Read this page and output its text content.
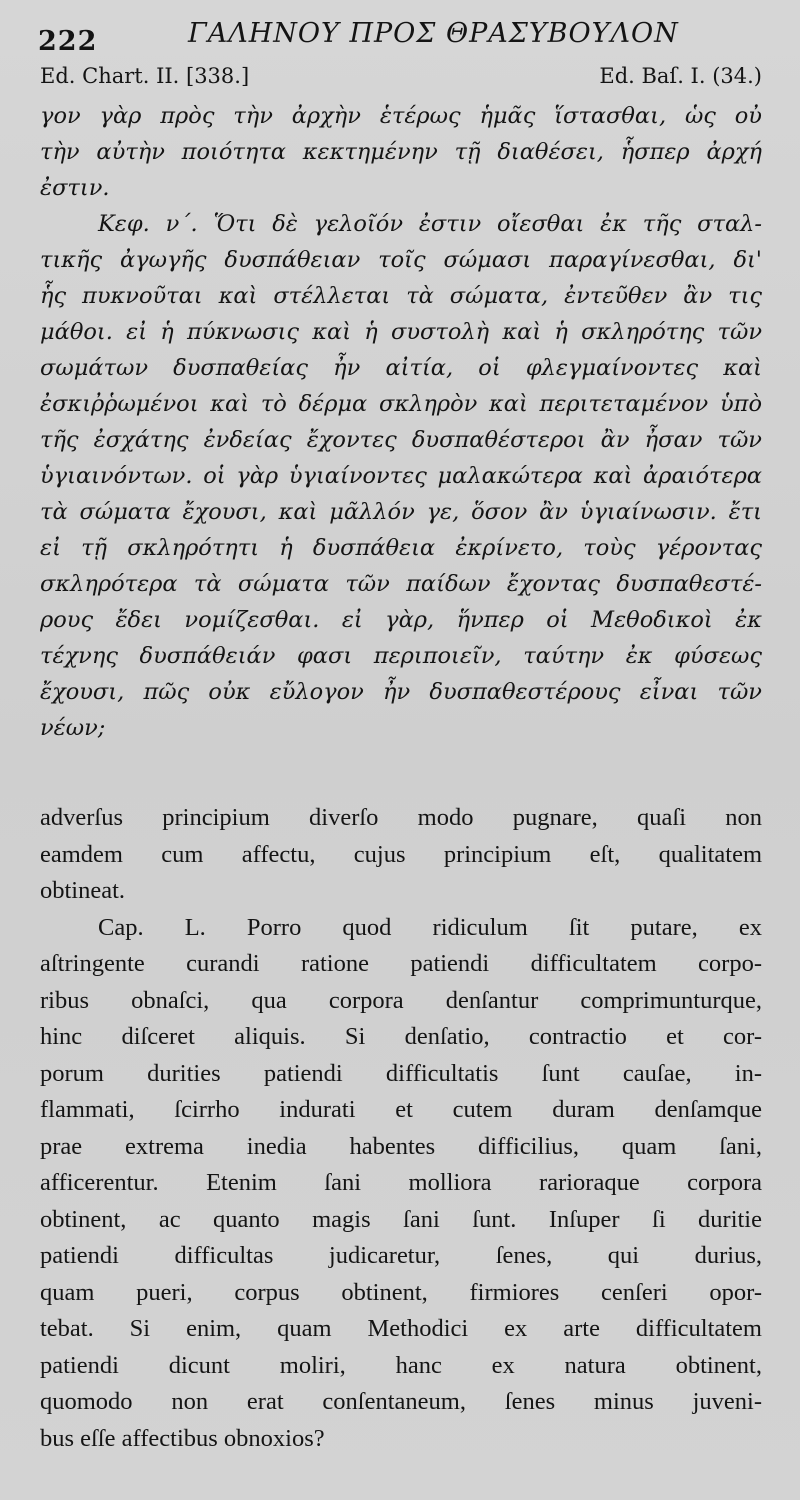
222	ΓΑΛΗΝΟΥ ΠΡΟΣ ΘΡΑΣΥΒΟΥΛΟΝ
Ed. Chart. II. [338.]	Ed. Baſ. I. (34.)
γον γὰρ πρὸς τὴν ἀρχὴν ἑτέρως ἡμᾶς ἵστασθαι, ὡς οὐ
τὴν αὐτὴν ποιότητα κεκτημένην τῇ διαθέσει, ἧσπερ ἀρχή
ἐστιν.
Κεφ. ν΄. Ὅτι δὲ γελοῖόν ἐστιν οἴεσθαι ἐκ τῆς σταλ-
τικῆς ἀγωγῆς δυσπάθειαν τοῖς σώμασι παραγίνεσθαι, δι'
ἧς πυκνοῦται καὶ στέλλεται τὰ σώματα, ἐντεῦθεν ἂν τις
μάθοι. εἰ ἡ πύκνωσις καὶ ἡ συστολὴ καὶ ἡ σκληρότης τῶν
σωμάτων δυσπαθείας ἦν αἰτία, οἱ φλεγμαίνοντες καὶ
ἐσκιῤῥωμένοι καὶ τὸ δέρμα σκληρὸν καὶ περιτεταμένον ὑπὸ
τῆς ἐσχάτης ἐνδείας ἔχοντες δυσπαθέστεροι ἂν ἦσαν τῶν
ὑγιαινόντων. οἱ γὰρ ὑγιαίνοντες μαλακώτερα καὶ ἀραιότερα
τὰ σώματα ἔχουσι, καὶ μᾶλλόν γε, ὅσον ἂν ὑγιαίνωσιν. ἔτι
εἰ τῇ σκληρότητι ἡ δυσπάθεια ἐκρίνετο, τοὺς γέροντας
σκληρότερα τὰ σώματα τῶν παίδων ἔχοντας δυσπαθεστέ-
ρους ἔδει νομίζεσθαι. εἰ γὰρ, ἥνπερ οἱ Μεθοδικοὶ ἐκ
τέχνης δυσπάθειάν φασι περιποιεῖν, ταύτην ἐκ φύσεως
ἔχουσι, πῶς οὐκ εὔλογον ἦν δυσπαθεστέρους εἶναι τῶν
νέων;
adverſus principium diverſo modo pugnare, quaſi non
eamdem cum affectu, cujus principium eſt, qualitatem
obtineat.
Cap. L. Porro quod ridiculum ſit putare, ex
aſtringente curandi ratione patiendi difficultatem corpo-
ribus obnaſci, qua corpora denſantur comprimunturque,
hinc diſceret aliquis. Si denſatio, contractio et cor-
porum durities patiendi difficultatis ſunt cauſae, in-
flammati, ſcirrho indurati et cutem duram denſamque
prae extrema inedia habentes difficilius, quam ſani,
afficerentur. Etenim ſani molliora rarioraque corpora
obtinent, ac quanto magis ſani ſunt. Inſuper ſi duritie
patiendi difficultas judicaretur, ſenes, qui durius,
quam pueri, corpus obtinent, firmiores cenſeri opor-
tebat. Si enim, quam Methodici ex arte difficultatem
patiendi dicunt moliri, hanc ex natura obtinent,
quomodo non erat conſentaneum, ſenes minus juveni-
bus eſſe affectibus obnoxios?
